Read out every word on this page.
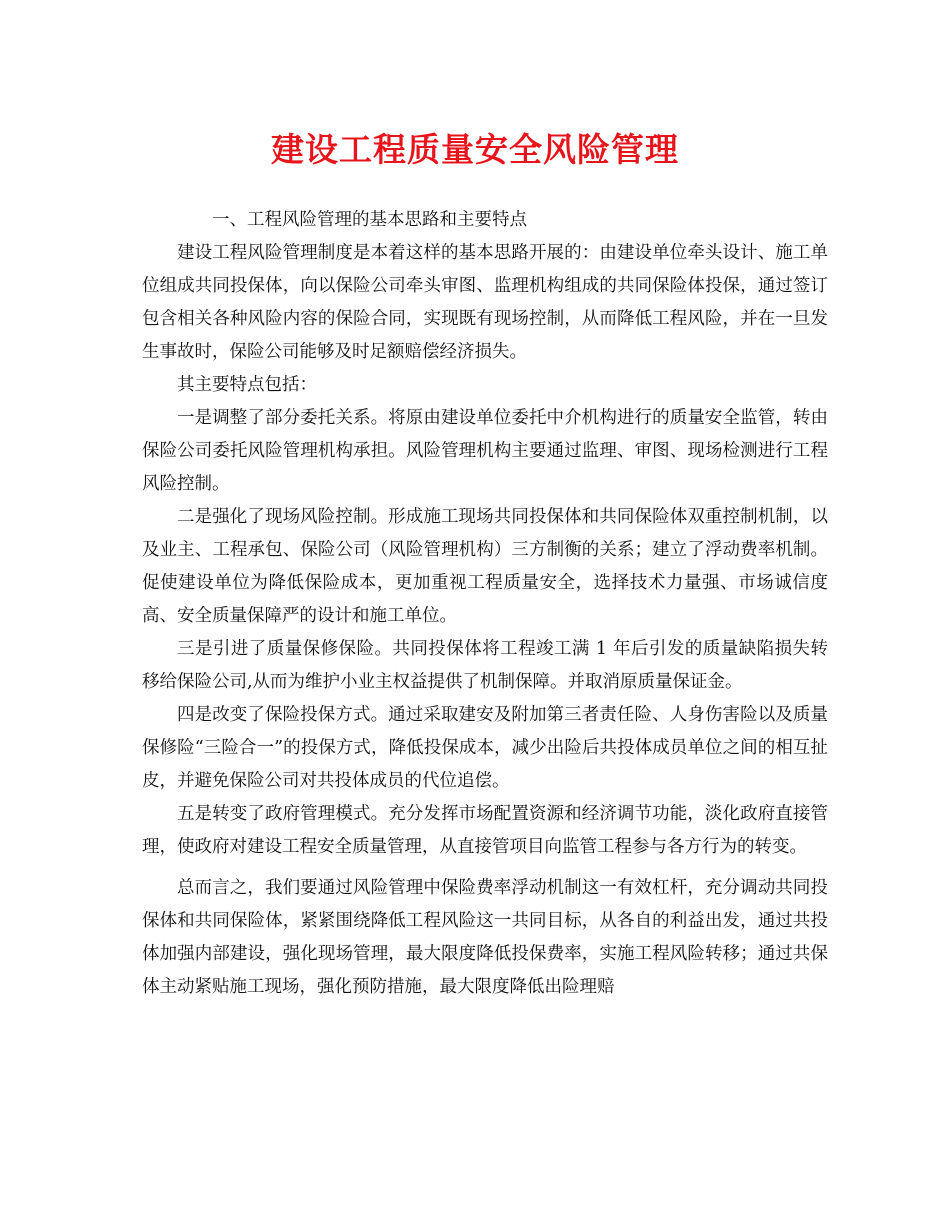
建设工程质量安全风险管理

一、工程风险管理的基本思路和主要特点

建设工程风险管理制度是本着这样的基本思路开展的：由建设单位牵头设计、施工单位组成共同投保体，向以保险公司牵头审图、监理机构组成的共同保险体投保，通过签订包含相关各种风险内容的保险合同，实现既有现场控制，从而降低工程风险，并在一旦发生事故时，保险公司能够及时足额赔偿经济损失。

其主要特点包括：

一是调整了部分委托关系。将原由建设单位委托中介机构进行的质量安全监管，转由保险公司委托风险管理机构承担。风险管理机构主要通过监理、审图、现场检测进行工程风险控制。

二是强化了现场风险控制。形成施工现场共同投保体和共同保险体双重控制机制，以及业主、工程承包、保险公司（风险管理机构）三方制衡的关系；建立了浮动费率机制。促使建设单位为降低保险成本，更加重视工程质量安全，选择技术力量强、市场诚信度高、安全质量保障严的设计和施工单位。

三是引进了质量保修保险。共同投保体将工程竣工满 1 年后引发的质量缺陷损失转移给保险公司,从而为维护小业主权益提供了机制保障。并取消原质量保证金。

四是改变了保险投保方式。通过采取建安及附加第三者责任险、人身伤害险以及质量保修险“三险合一”的投保方式，降低投保成本，减少出险后共投体成员单位之间的相互扯皮，并避免保险公司对共投体成员的代位追偿。

五是转变了政府管理模式。充分发挥市场配置资源和经济调节功能，淡化政府直接管理，使政府对建设工程安全质量管理，从直接管项目向监管工程参与各方行为的转变。

总而言之，我们要通过风险管理中保险费率浮动机制这一有效杠杆，充分调动共同投保体和共同保险体，紧紧围绕降低工程风险这一共同目标，从各自的利益出发，通过共投体加强内部建设，强化现场管理，最大限度降低投保费率，实施工程风险转移；通过共保体主动紧贴施工现场，强化预防措施，最大限度降低出险理赔
